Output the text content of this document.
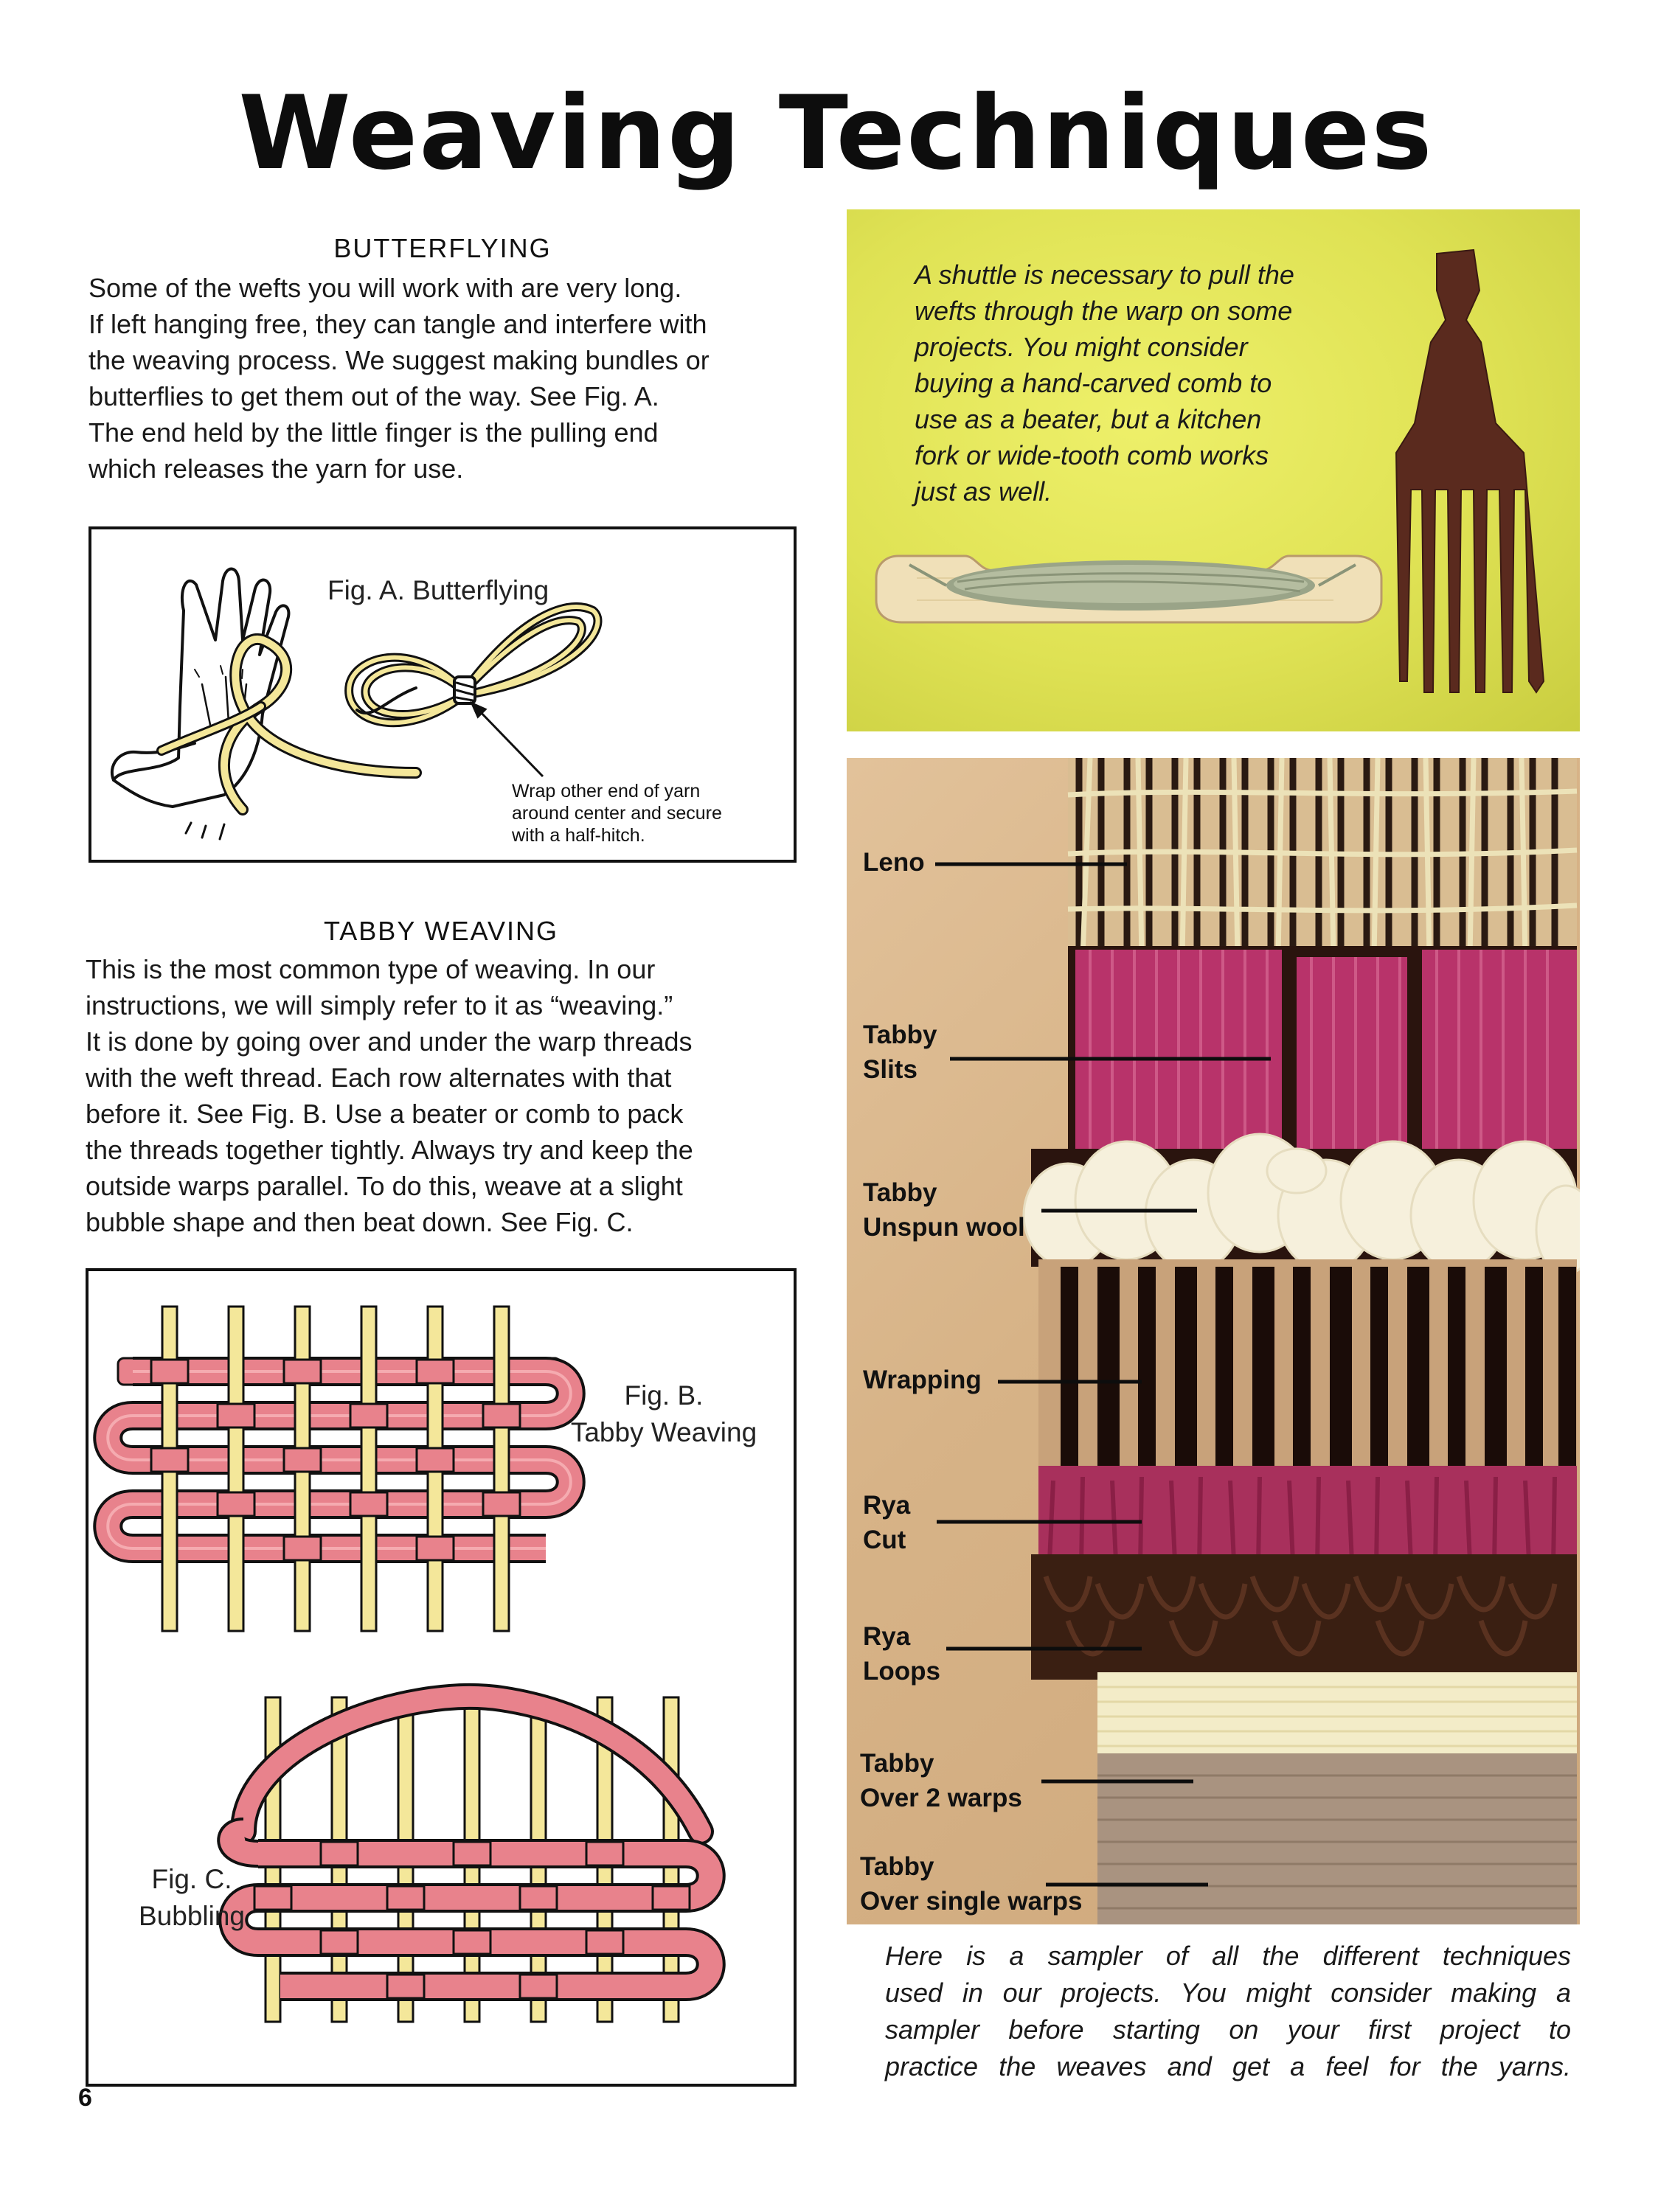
Weaving Techniques
BUTTERFLYING
Some of the wefts you will work with are very long.
If left hanging free, they can tangle and interfere with
the weaving process. We suggest making bundles or
butterflies to get them out of the way. See Fig. A.
The end held by the little finger is the pulling end
which releases the yarn for use.
Fig. A. Butterflying
Wrap other end of yarn
around center and secure
with a half-hitch.
TABBY WEAVING
This is the most common type of weaving. In our
instructions, we will simply refer to it as “weaving.”
It is done by going over and under the warp threads
with the weft thread. Each row alternates with that
before it. See Fig. B. Use a beater or comb to pack
the threads together tightly. Always try and keep the
outside warps parallel. To do this, weave at a slight
bubble shape and then beat down. See Fig. C.
Fig. B.
Tabby Weaving
Fig. C.
Bubbling
A shuttle is necessary to pull the
wefts through the warp on some
projects. You might consider
buying a hand-carved comb to
use as a beater, but a kitchen
fork or wide-tooth comb works
just as well.
Leno
Tabby
Slits
Tabby
Unspun wool
Wrapping
Rya
Cut
Rya
Loops
Tabby
Over 2 warps
Tabby
Over single warps
Here is a sampler of all the different techniques
used in our projects. You might consider making a
sampler before starting on your first project to
practice the weaves and get a feel for the yarns.
6
